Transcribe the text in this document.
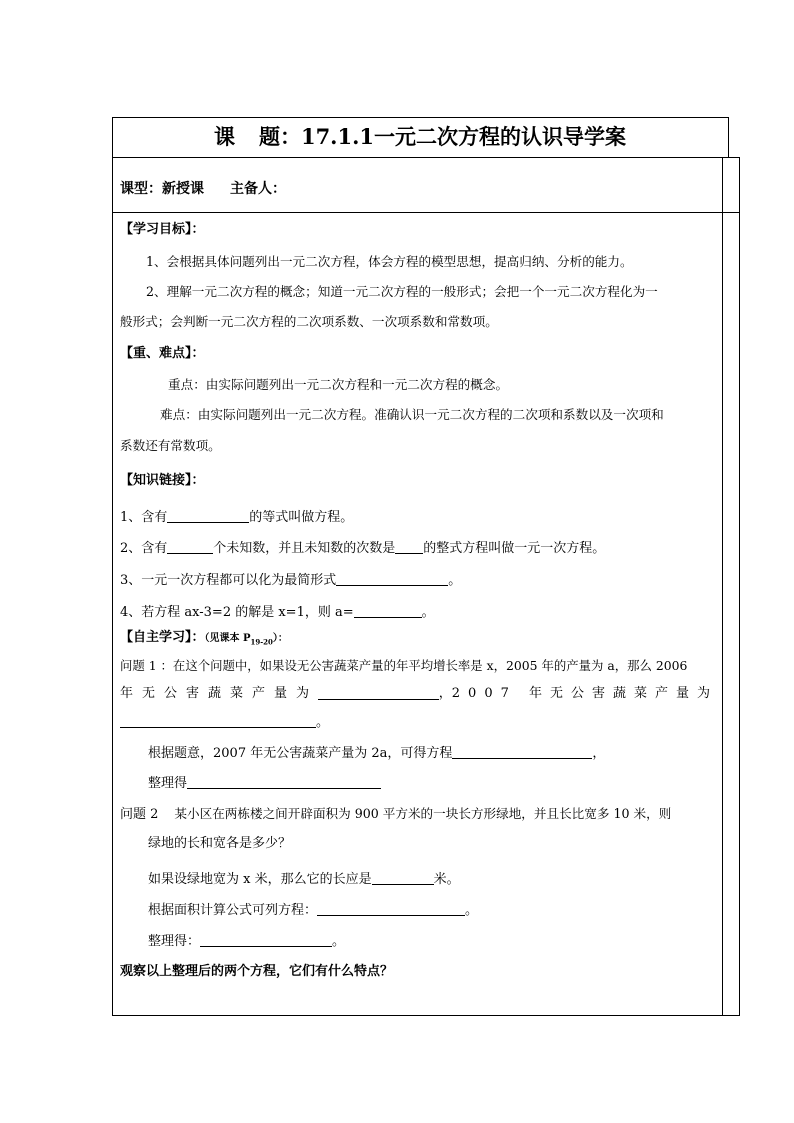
课 题：17.1.1一元二次方程的认识导学案
课型：新授课 主备人：
【学习目标】：
1、会根据具体问题列出一元二次方程，体会方程的模型思想，提高归纳、分析的能力。
2、理解一元二次方程的概念；知道一元二次方程的一般形式；会把一个一元二次方程化为一
般形式；会判断一元二次方程的二次项系数、一次项系数和常数项。
【重、难点】：
重点：由实际问题列出一元二次方程和一元二次方程的概念。
难点：由实际问题列出一元二次方程。准确认识一元二次方程的二次项和系数以及一次项和
系数还有常数项。
【知识链接】：
1、含有	的等式叫做方程。
2、含有	个未知数，并且未知数的次数是 的整式方程叫做一元一次方程。
3、一元一次方程都可以化为最简形式	。
4、若方程 ax-3=2 的解是 x=1，则 a=	。
【自主学习】：（见课本 $P_{19-20}$）：
问题 1 ：在这个问题中，如果设无公害蔬菜产量的年平均增长率是 x，2005 年的产量为 a，那么 2006
年无公害蔬菜产量为	， 2007 年无公害蔬菜产量为
。
根据题意，2007 年无公害蔬菜产量为 2a，可得方程	，
整理得
问题 2 某小区在两栋楼之间开辟面积为 900 平方米的一块长方形绿地，并且长比宽多 10 米，则
绿地的长和宽各是多少？
如果设绿地宽为 x 米，那么它的长应是	米。
根据面积计算公式可列方程：	。
整理得：	。
观察以上整理后的两个方程，它们有什么特点？
